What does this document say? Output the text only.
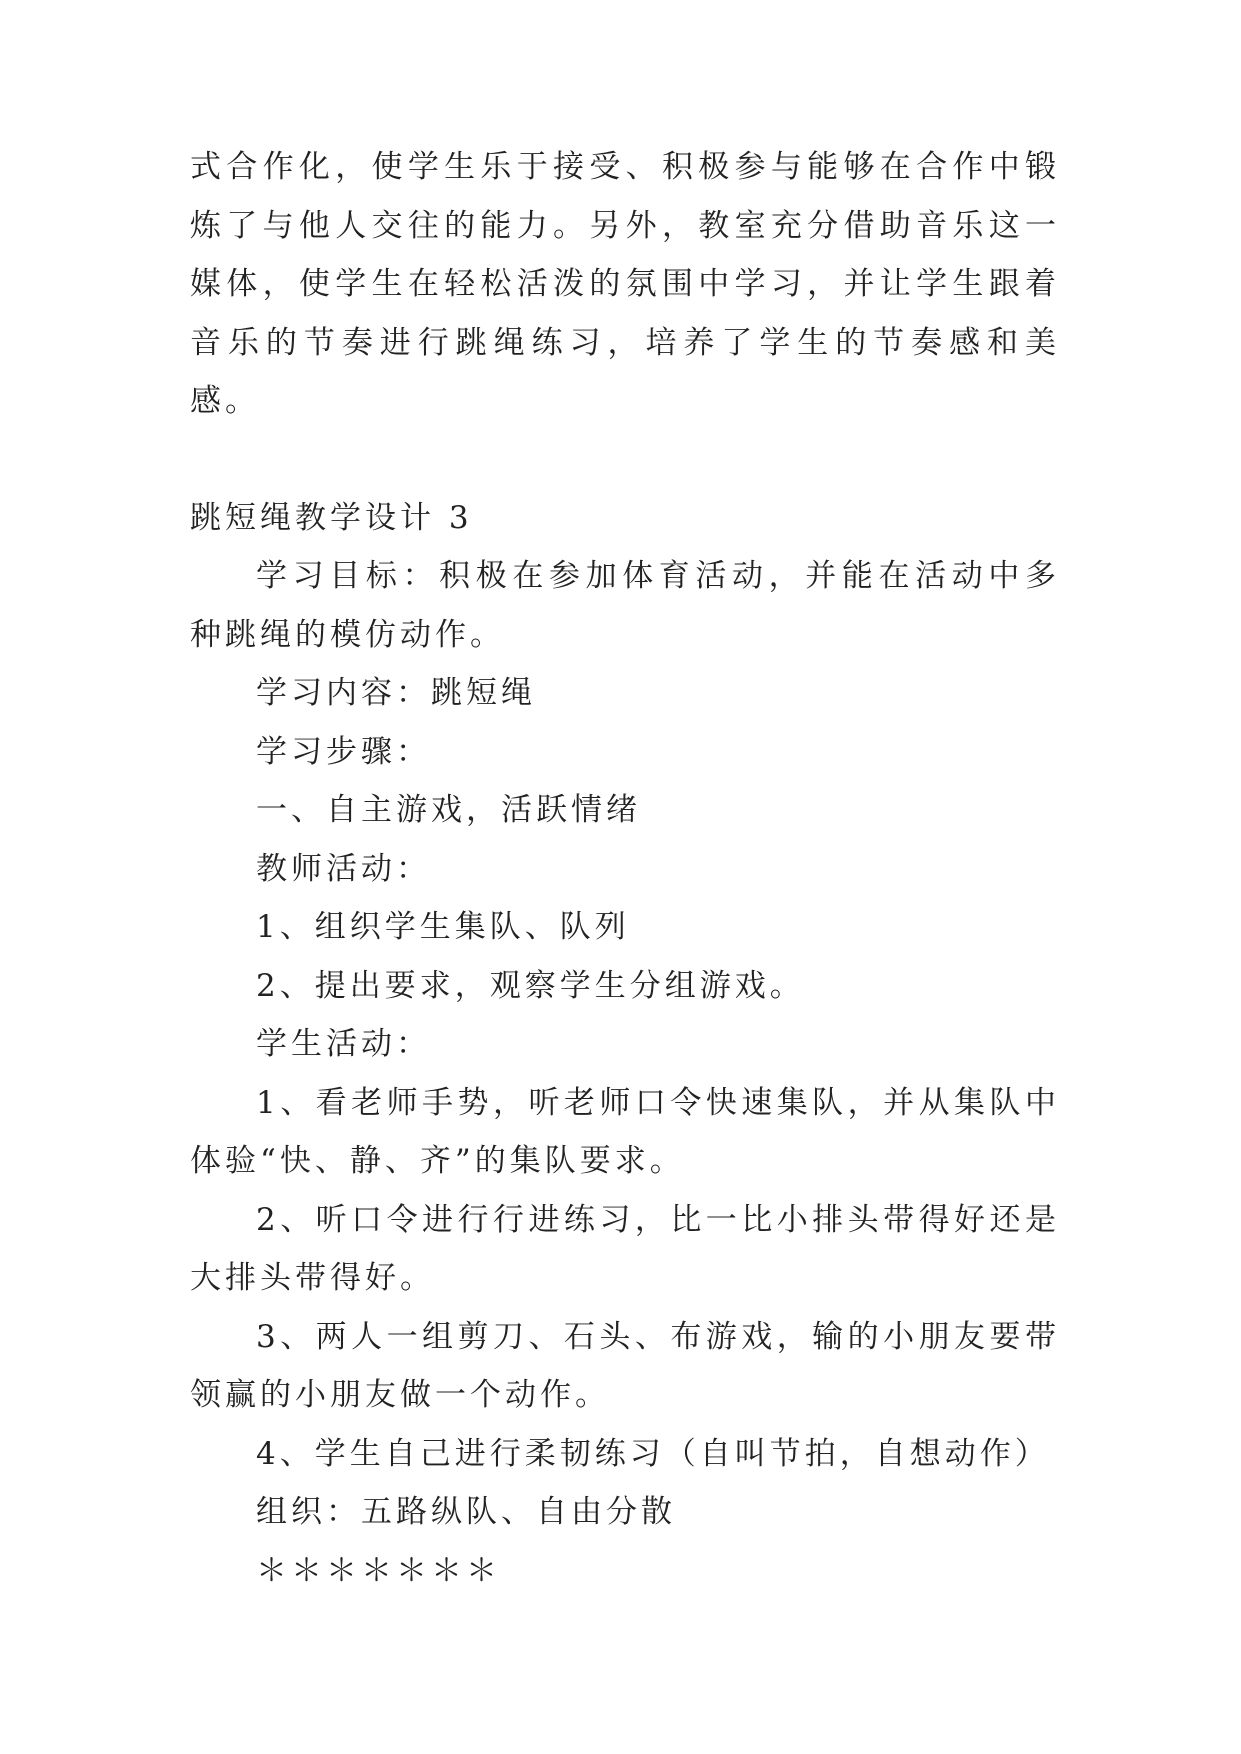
式合作化，使学生乐于接受、积极参与能够在合作中锻炼了与他人交往的能力。另外，教室充分借助音乐这一媒体，使学生在轻松活泼的氛围中学习，并让学生跟着音乐的节奏进行跳绳练习，培养了学生的节奏感和美感。

跳短绳教学设计 3

学习目标：积极在参加体育活动，并能在活动中多种跳绳的模仿动作。

学习内容：跳短绳

学习步骤：

一、自主游戏，活跃情绪

教师活动：

1、组织学生集队、队列

2、提出要求，观察学生分组游戏。

学生活动：

1、看老师手势，听老师口令快速集队，并从集队中体验“快、静、齐”的集队要求。

2、听口令进行行进练习，比一比小排头带得好还是大排头带得好。

3、两人一组剪刀、石头、布游戏，输的小朋友要带领赢的小朋友做一个动作。

4、学生自己进行柔韧练习（自叫节拍，自想动作）

组织：五路纵队、自由分散

＊＊＊＊＊＊＊
